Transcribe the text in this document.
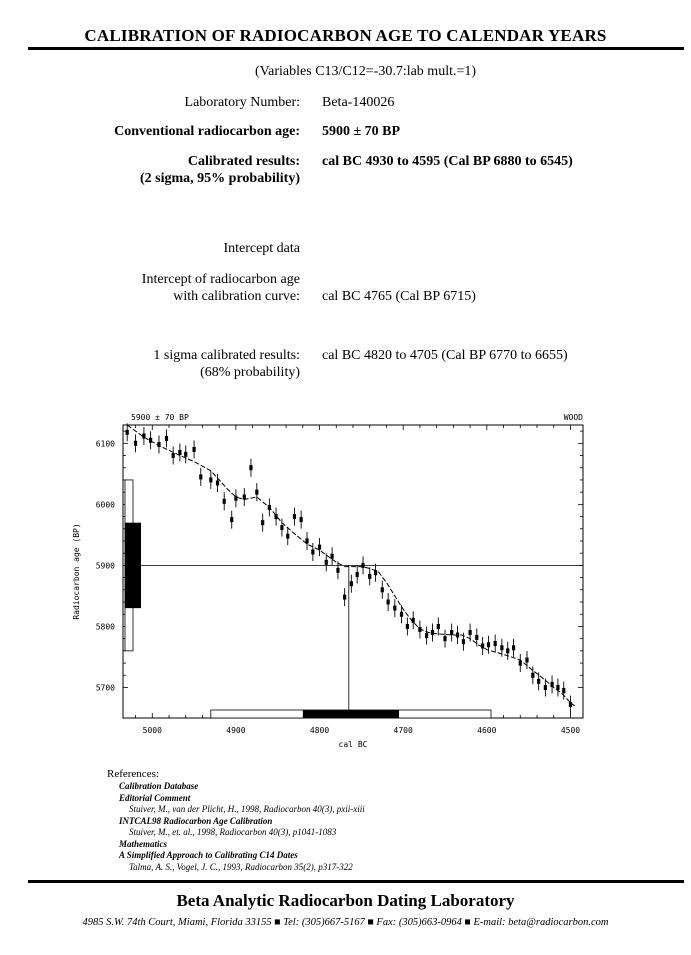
CALIBRATION OF RADIOCARBON AGE TO CALENDAR YEARS
(Variables C13/C12=-30.7:lab mult.=1)
Laboratory Number: Beta-140026
Conventional radiocarbon age: 5900 ± 70 BP
Calibrated results:
(2 sigma, 95% probability)
cal BC 4930 to 4595 (Cal BP 6880 to 6545)
Intercept data
Intercept of radiocarbon age
with calibration curve: cal BC 4765 (Cal BP 6715)
1 sigma calibrated results:
(68% probability)
cal BC 4820 to 4705 (Cal BP 6770 to 6655)
5700
5800
5900
6000
6100
5000	4900	4800	4700	4600	4500
cal BC
Radiocarbon age (BP)
5900 ± 70 BP	WOOD
References:
Calibration Database
Editorial Comment
Stuiver, M., van der Plicht, H., 1998, Radiocarbon 40(3), pxii-xiii
INTCAL98 Radiocarbon Age Calibration
Stuiver, M., et. al., 1998, Radiocarbon 40(3), p1041-1083
Mathematics
A Simplified Approach to Calibrating C14 Dates
Talma, A. S., Vogel, J. C., 1993, Radiocarbon 35(2), p317-322
Beta Analytic Radiocarbon Dating Laboratory
4985 S.W. 74th Court, Miami, Florida 33155 ■ Tel: (305)667-5167 ■ Fax: (305)663-0964 ■ E-mail: beta@radiocarbon.com
